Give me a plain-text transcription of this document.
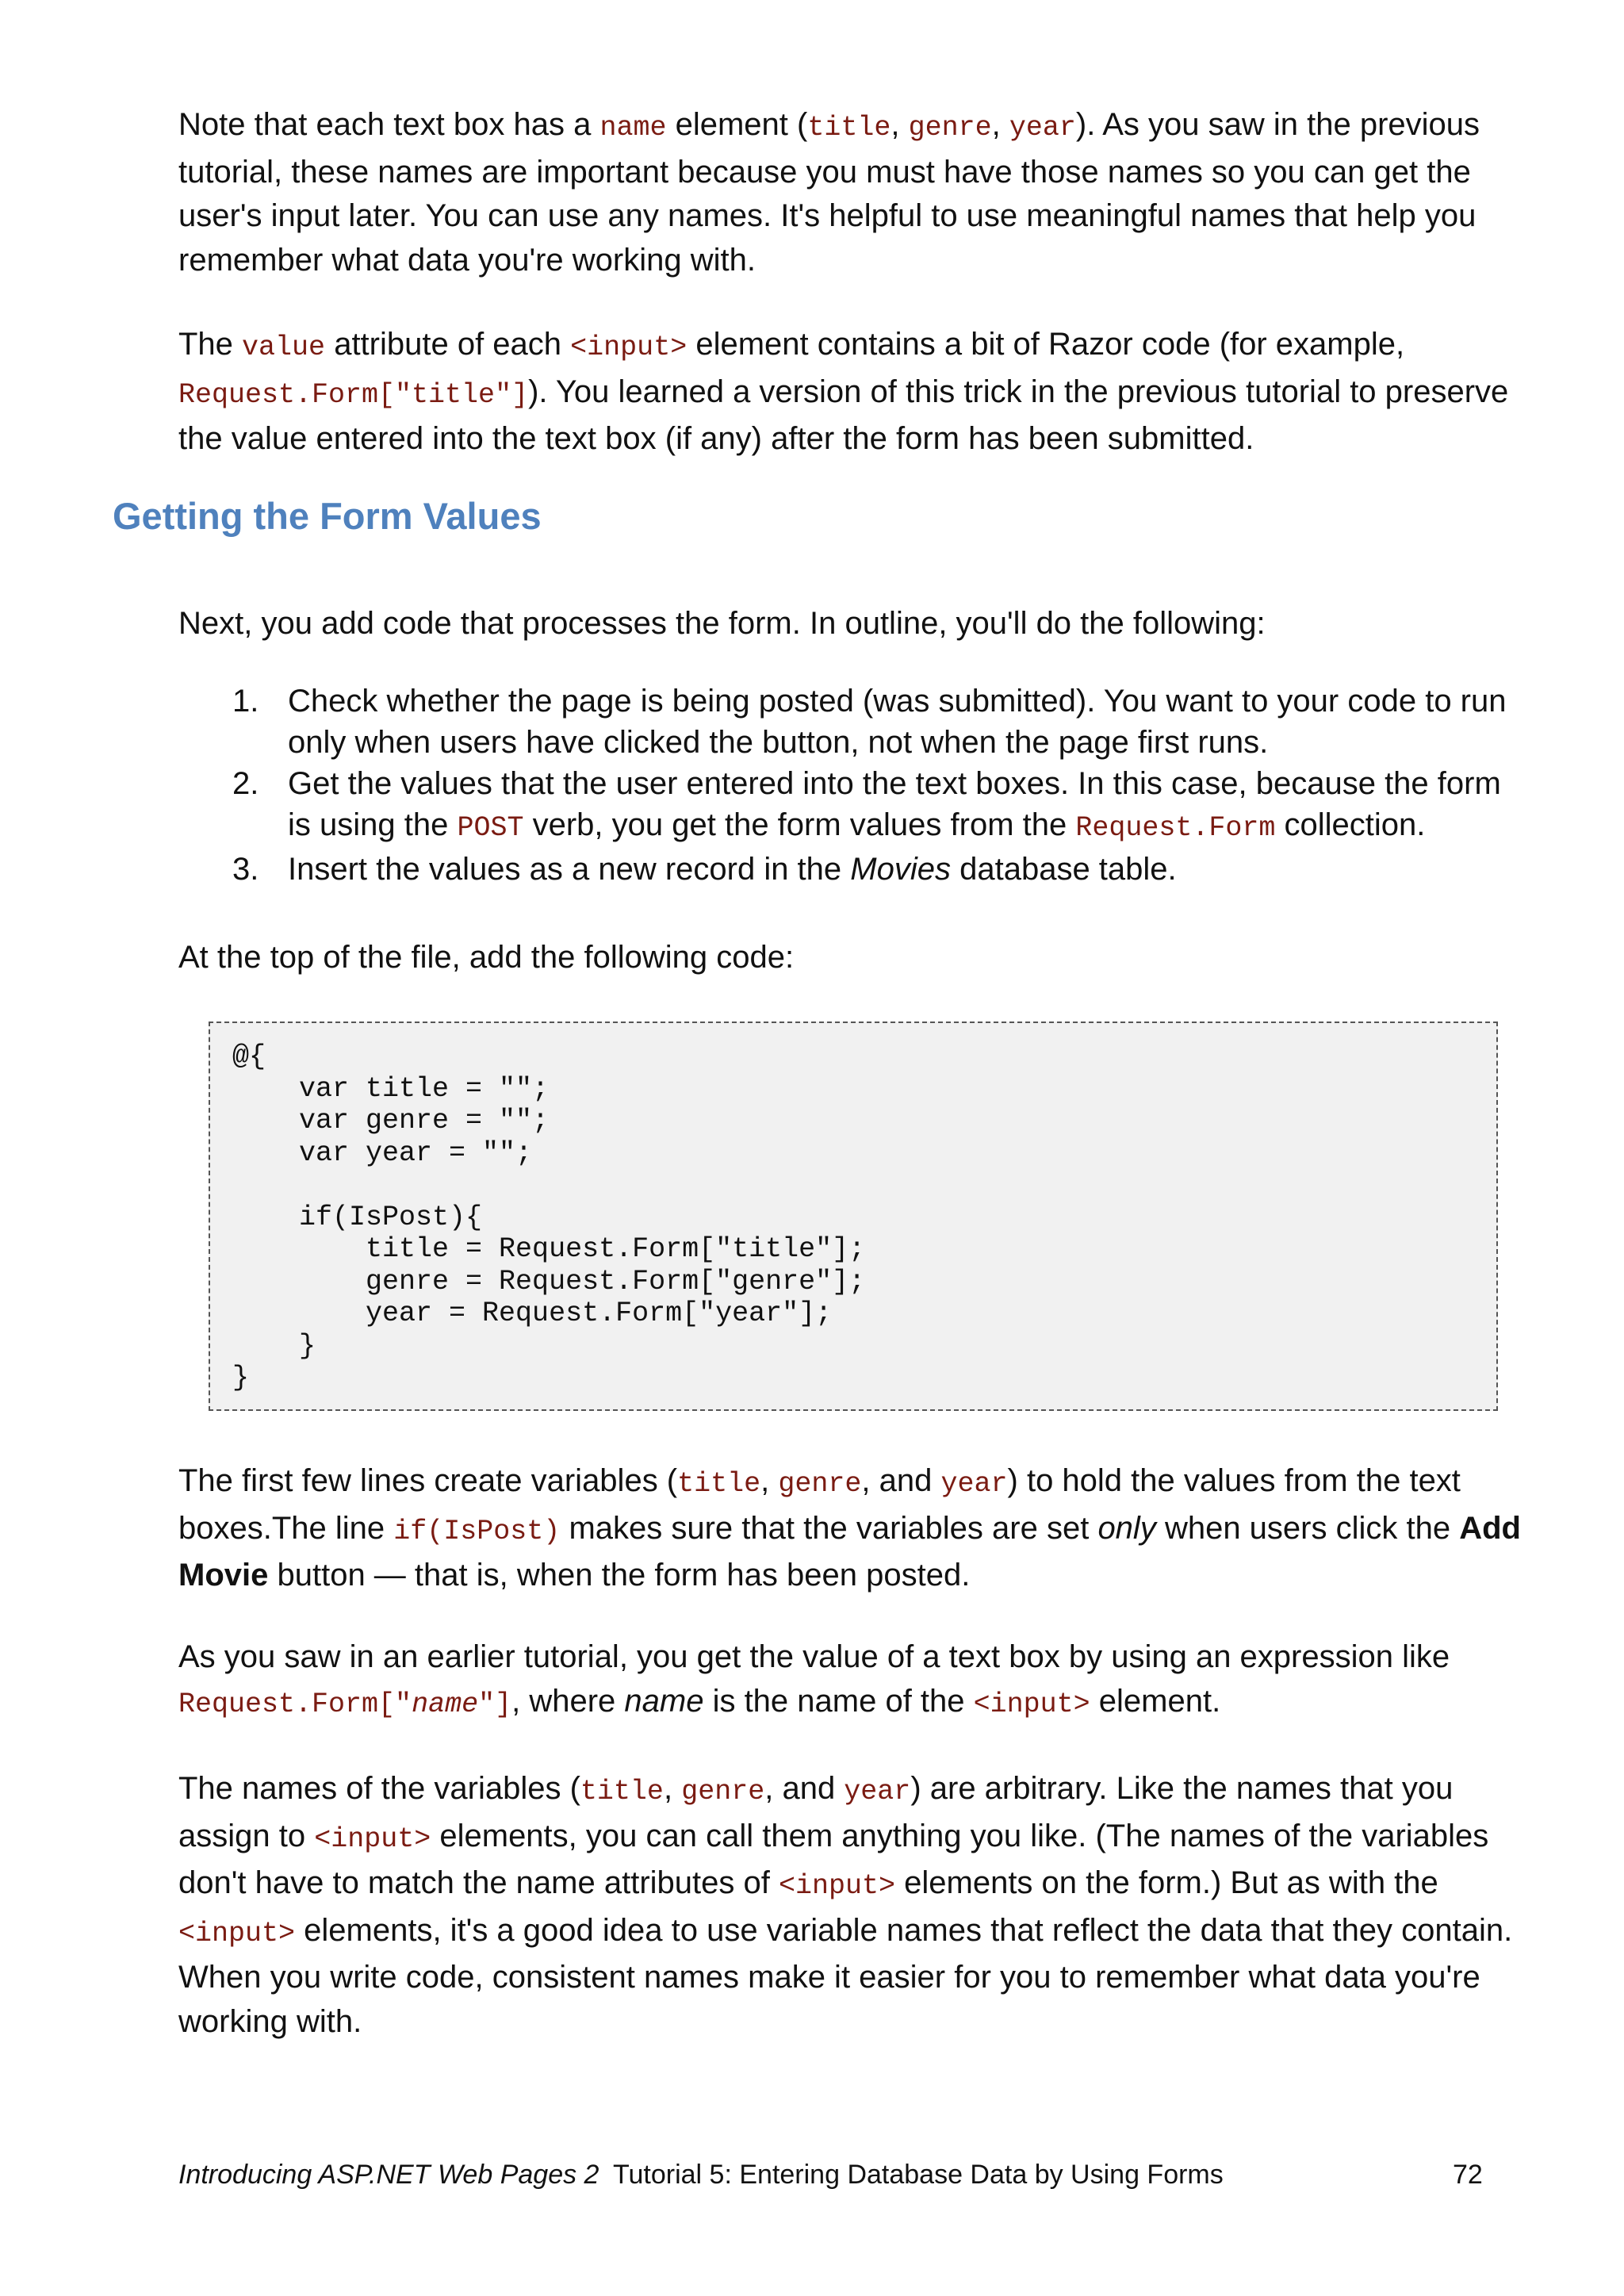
Note that each text box has a name element (title, genre, year). As you saw in the previous tutorial, these names are important because you must have those names so you can get the user's input later. You can use any names. It's helpful to use meaningful names that help you remember what data you're working with.

The value attribute of each <input> element contains a bit of Razor code (for example, Request.Form["title"]). You learned a version of this trick in the previous tutorial to preserve the value entered into the text box (if any) after the form has been submitted.

Getting the Form Values

Next, you add code that processes the form. In outline, you'll do the following:

1. Check whether the page is being posted (was submitted). You want to your code to run only when users have clicked the button, not when the page first runs.
2. Get the values that the user entered into the text boxes. In this case, because the form is using the POST verb, you get the form values from the Request.Form collection.
3. Insert the values as a new record in the Movies database table.

At the top of the file, add the following code:

@{
var title = "";
var genre = "";
var year = "";

if(IsPost){
title = Request.Form["title"];
genre = Request.Form["genre"];
year = Request.Form["year"];
}
}

The first few lines create variables (title, genre, and year) to hold the values from the text boxes.The line if(IsPost) makes sure that the variables are set only when users click the Add Movie button — that is, when the form has been posted.

As you saw in an earlier tutorial, you get the value of a text box by using an expression like Request.Form["name"], where name is the name of the <input> element.

The names of the variables (title, genre, and year) are arbitrary. Like the names that you assign to <input> elements, you can call them anything you like. (The names of the variables don't have to match the name attributes of <input> elements on the form.) But as with the <input> elements, it's a good idea to use variable names that reflect the data that they contain. When you write code, consistent names make it easier for you to remember what data you're working with.

Introducing ASP.NET Web Pages 2 Tutorial 5: Entering Database Data by Using Forms	72
